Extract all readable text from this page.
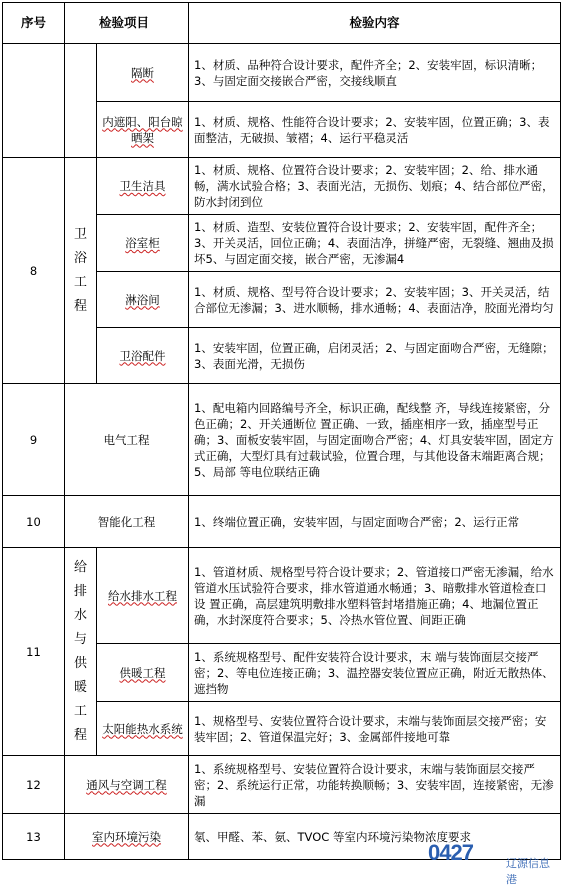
序号	检验项目		检验内容
		隔断	1、材质、品种符合设计要求，配件齐全；2、安装牢固，标识清晰；3、与固定面交接嵌合严密，交接线顺直
		内遮阳、阳台晾晒架	1、材质、规格、性能符合设计要求；2、安装牢固，位置正确；3、表面整洁，无破损、皱褶；4、运行平稳灵活
8	卫浴工程	卫生洁具	1、材质、规格、位置符合设计要求；2、安装牢固；2、给、排水通畅，满水试验合格；3、表面光洁，无损伤、划痕；4、结合部位严密，防水封闭到位
		浴室柜	1、材质、造型、安装位置符合设计要求；2、安装牢固，配件齐全；3、开关灵活，回位正确；4、表面洁净，拼缝严密，无裂缝、翘曲及损坏5、与固定面交接，嵌合严密，无渗漏4
		淋浴间	1、材质、规格、型号符合设计要求；2、安装牢固；3、开关灵活，结合部位无渗漏；3、进水顺畅，排水通畅；4、表面洁净，胶面光滑均匀
		卫浴配件	1、安装牢固，位置正确，启闭灵活；2、与固定面吻合严密，无缝隙；3、表面光滑，无损伤
9	电气工程		1、配电箱内回路编号齐全，标识正确，配线整 齐，导线连接紧密，分色正确；2、开关通断位 置正确、一致，插座相序一致，插座型号正确；3、面板安装牢固，与固定面吻合严密；4、灯具安装牢固，固定方式正确，大型灯具有过载试验，位置合理，与其他设备末端距离合规；5、局部 等电位联结正确
10	智能化工程		1、终端位置正确，安装牢固，与固定面吻合严密；2、运行正常
11	给排水与供暖工程	给水排水工程	1、管道材质、规格型号符合设计要求；2、管道接口严密无渗漏，给水管道水压试验符合要求，排水管道通水畅通；3、暗敷排水管道检查口设 置正确，高层建筑明敷排水塑料管封堵措施正确；4、地漏位置正确，水封深度符合要求；5、冷热水管位置、间距正确
		供暖工程	1、系统规格型号、配件安装符合设计要求，末 端与装饰面层交接严密；2、等电位连接正确；3、温控器安装位置应正确，附近无散热体、遮挡物
		太阳能热水系统	1、规格型号、安装位置符合设计要求，末端与装饰面层交接严密；安装牢固；2、管道保温完好；3、金属部件接地可靠
12	通风与空调工程		1、系统规格型号、安装位置符合设计要求，末端与装饰面层交接严密；2、系统运行正常，功能转换顺畅；3、安装牢固，连接紧密，无渗漏
13	室内环境污染		氡、甲醛、苯、氨、TVOC 等室内环境污染物浓度要求
0427	辽源信息港
